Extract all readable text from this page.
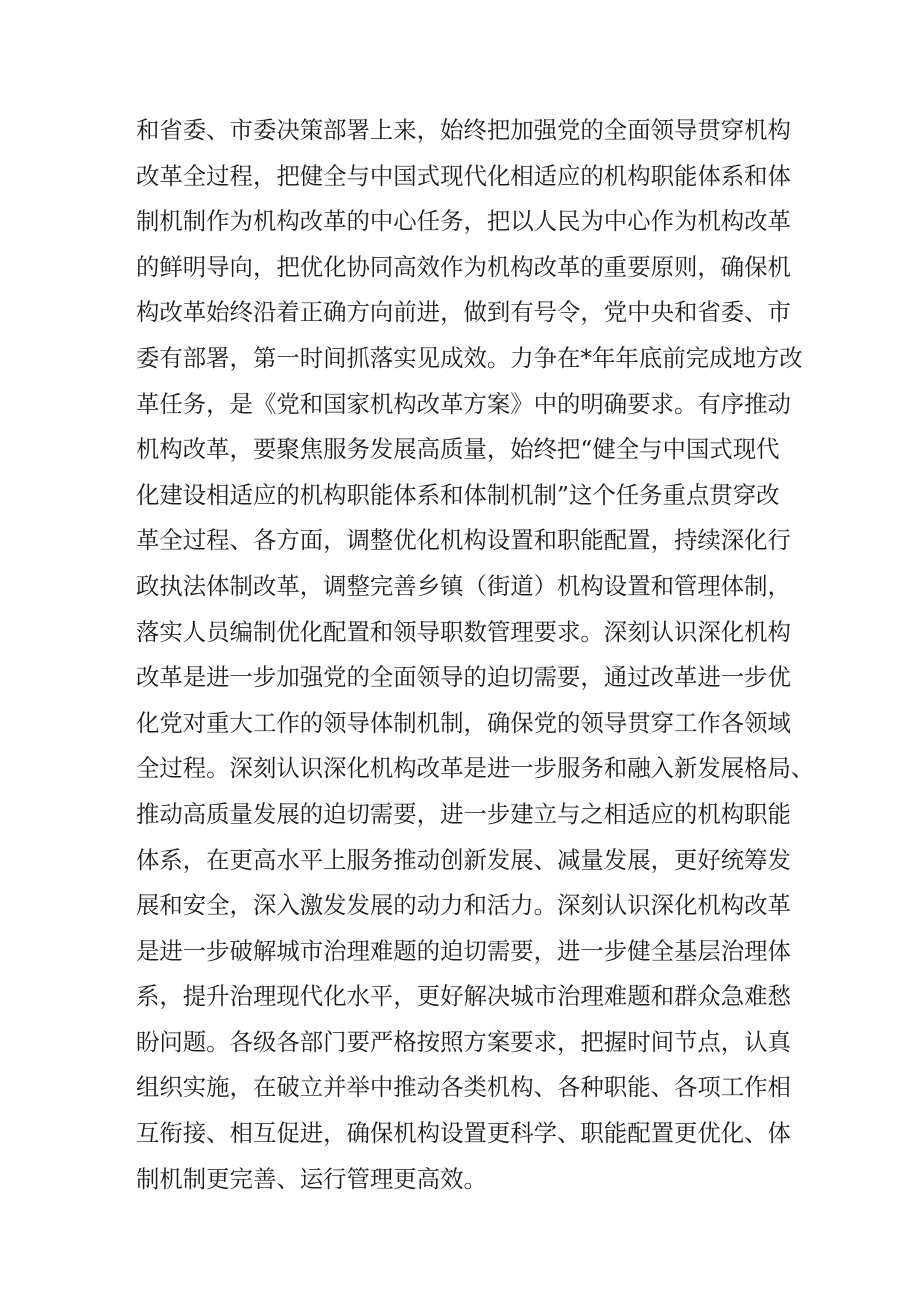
和省委、市委决策部署上来，始终把加强党的全面领导贯穿机构
改革全过程，把健全与中国式现代化相适应的机构职能体系和体
制机制作为机构改革的中心任务，把以人民为中心作为机构改革
的鲜明导向，把优化协同高效作为机构改革的重要原则，确保机
构改革始终沿着正确方向前进，做到有号令，党中央和省委、市
委有部署，第一时间抓落实见成效。力争在*年年底前完成地方改
革任务，是《党和国家机构改革方案》中的明确要求。有序推动
机构改革，要聚焦服务发展高质量，始终把“健全与中国式现代
化建设相适应的机构职能体系和体制机制”这个任务重点贯穿改
革全过程、各方面，调整优化机构设置和职能配置，持续深化行
政执法体制改革，调整完善乡镇（街道）机构设置和管理体制，
落实人员编制优化配置和领导职数管理要求。深刻认识深化机构
改革是进一步加强党的全面领导的迫切需要，通过改革进一步优
化党对重大工作的领导体制机制，确保党的领导贯穿工作各领域
全过程。深刻认识深化机构改革是进一步服务和融入新发展格局、
推动高质量发展的迫切需要，进一步建立与之相适应的机构职能
体系，在更高水平上服务推动创新发展、减量发展，更好统筹发
展和安全，深入激发发展的动力和活力。深刻认识深化机构改革
是进一步破解城市治理难题的迫切需要，进一步健全基层治理体
系，提升治理现代化水平，更好解决城市治理难题和群众急难愁
盼问题。各级各部门要严格按照方案要求，把握时间节点，认真
组织实施，在破立并举中推动各类机构、各种职能、各项工作相
互衔接、相互促进，确保机构设置更科学、职能配置更优化、体
制机制更完善、运行管理更高效。
